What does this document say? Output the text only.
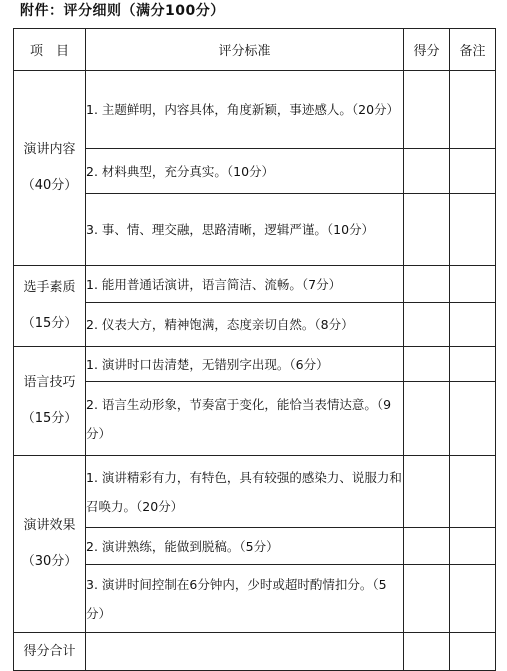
附件：评分细则（满分100分）
项　目	评分标准	得分	备注

演讲内容
（40分）	1. 主题鲜明，内容具体，角度新颖，事迹感人。（20分）		
	2. 材料典型，充分真实。（10分）		
	3. 事、情、理交融，思路清晰，逻辑严谨。（10分）		

选手素质
（15分）	1. 能用普通话演讲，语言简洁、流畅。（7分）		
	2. 仪表大方，精神饱满，态度亲切自然。（8分）		

语言技巧
（15分）	1. 演讲时口齿清楚，无错别字出现。（6分）		
	2. 语言生动形象，节奏富于变化，能恰当表情达意。（9分）		

演讲效果
（30分）	1. 演讲精彩有力，有特色，具有较强的感染力、说服力和召唤力。（20分）		
	2. 演讲熟练，能做到脱稿。（5分）		
	3. 演讲时间控制在6分钟内，少时或超时酌情扣分。（5分）		
得分合计			
